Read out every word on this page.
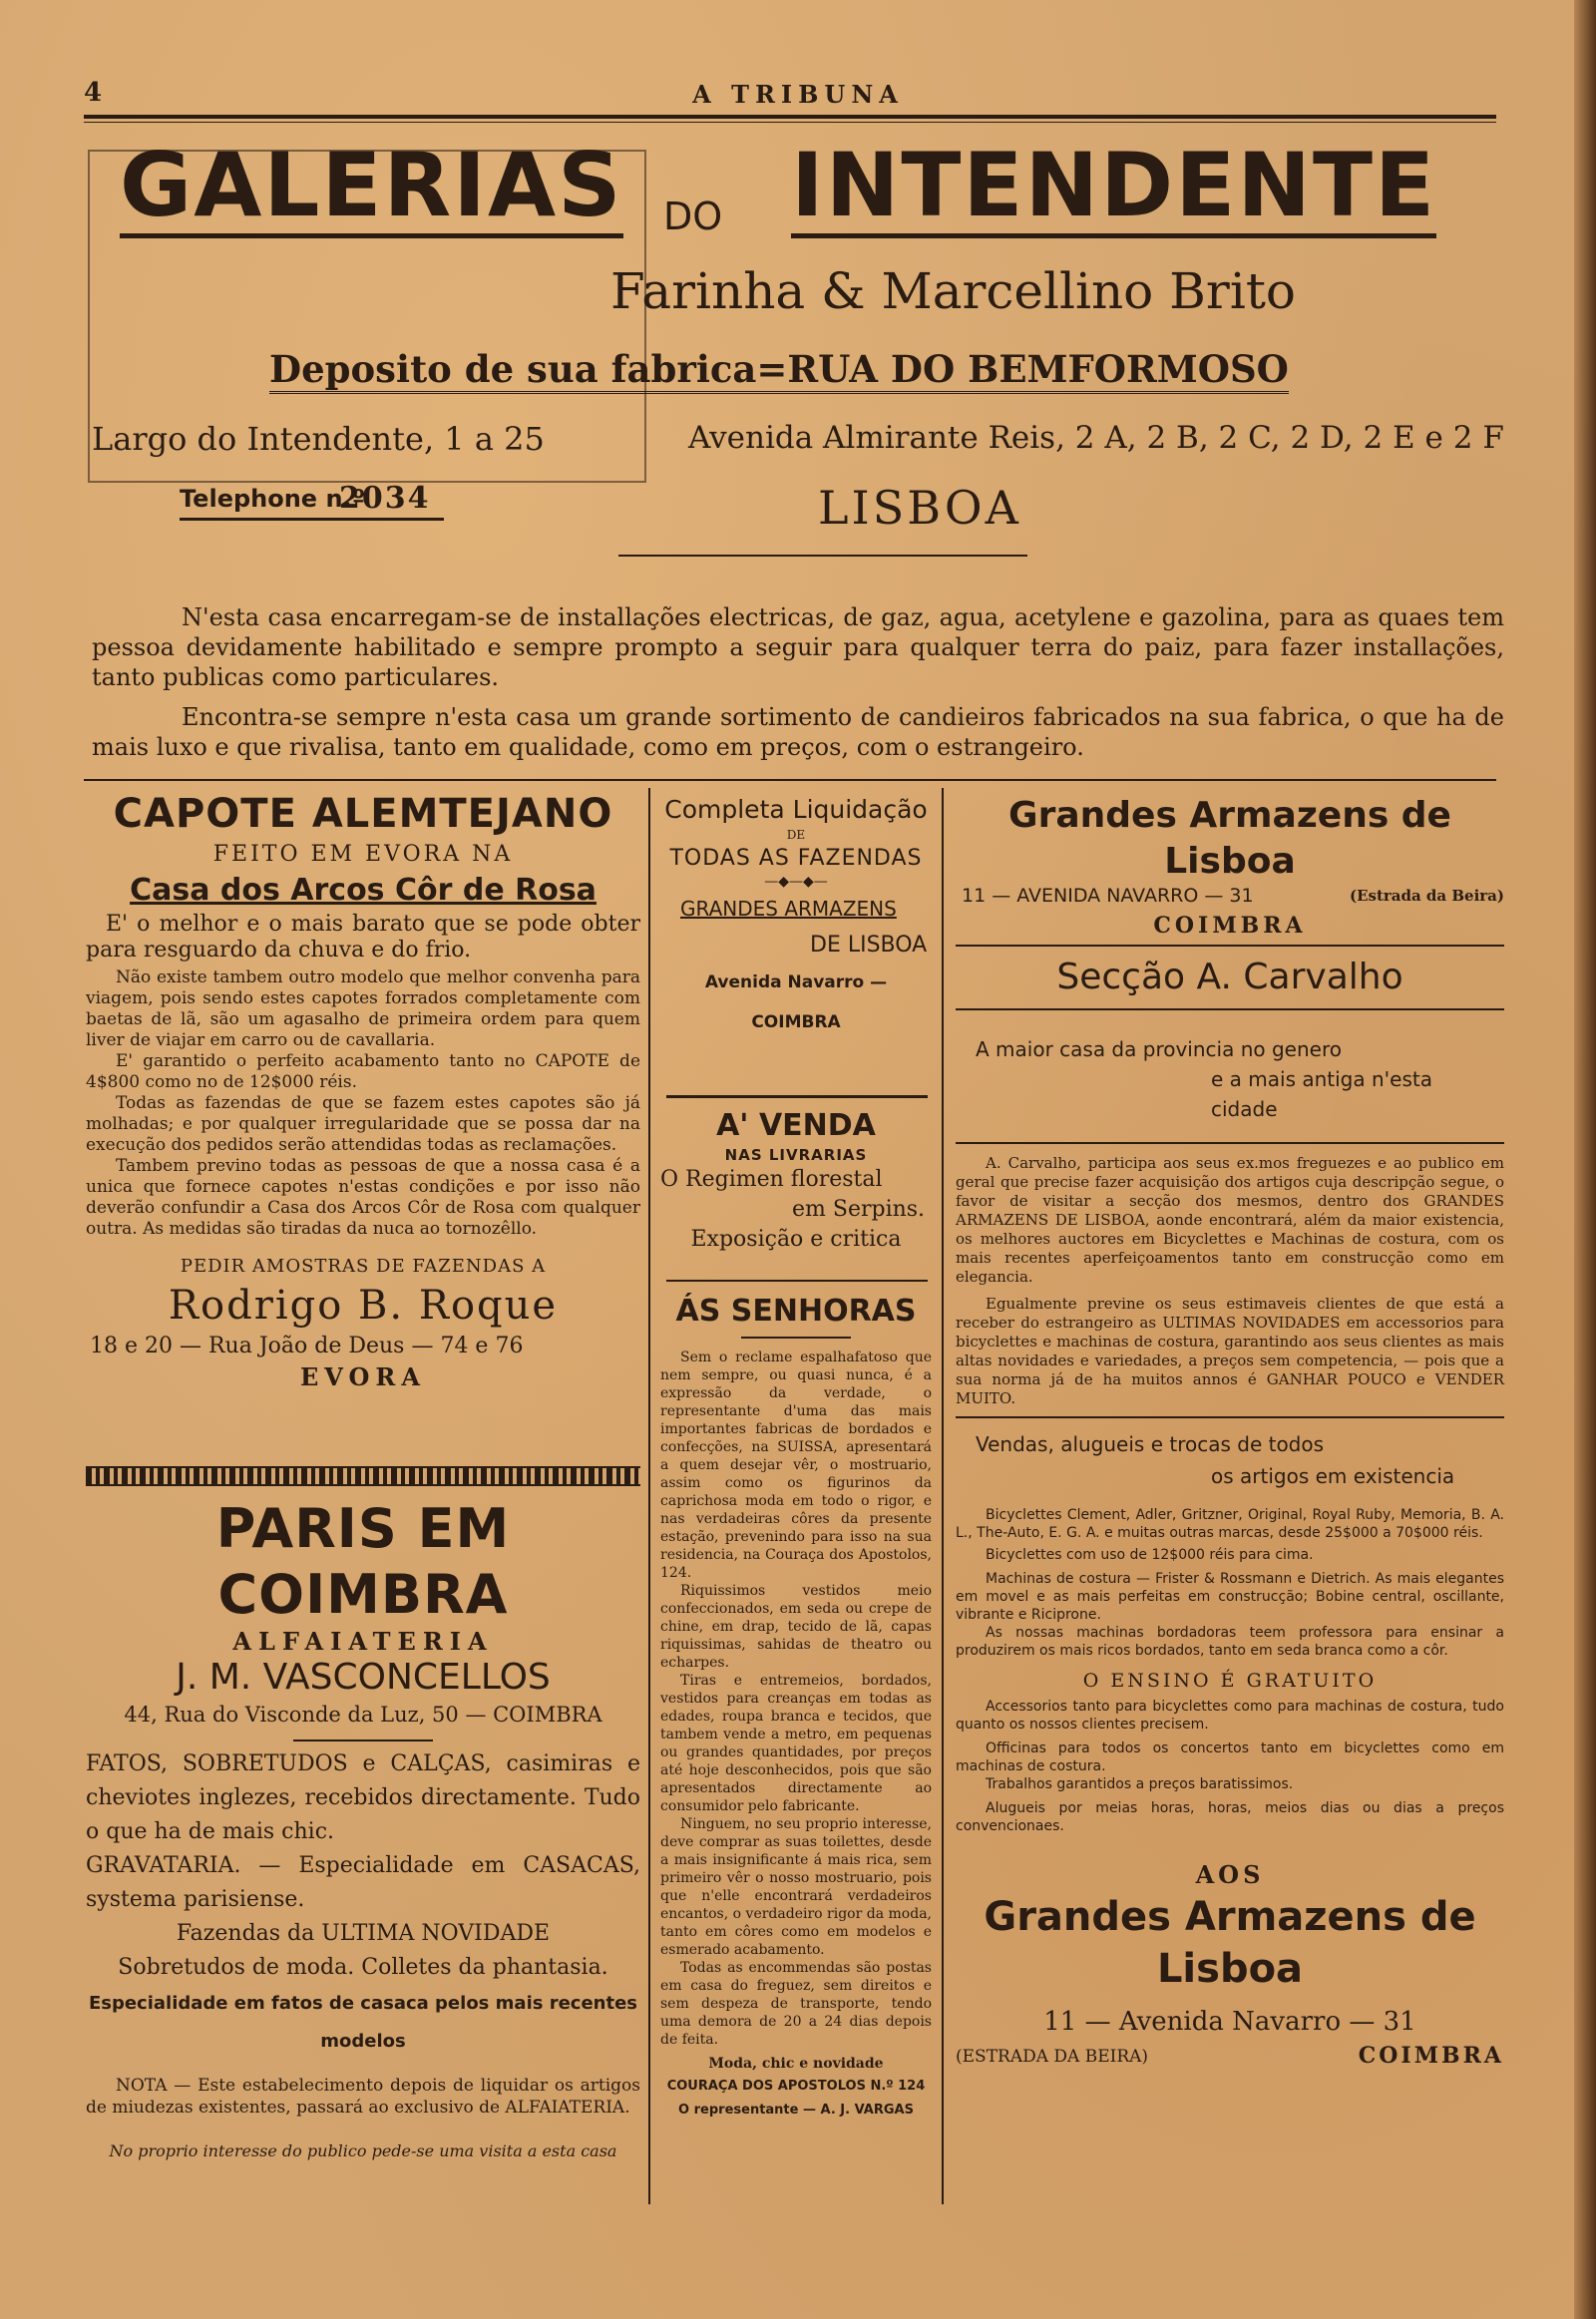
4	A TRIBUNA
GALERIAS DO INTENDENTE
Farinha & Marcellino Brito
Deposito de sua fabrica=RUA DO BEMFORMOSO
Largo do Intendente, 1 a 25	Avenida Almirante Reis, 2 A, 2 B, 2 C, 2 D, 2 E e 2 F
Telephone n.º
2034	LISBOA
N'esta casa encarregam-se de installações electricas, de gaz, agua, acetylene e gazolina, para as quaes tem pessoa devidamente habilitado e sempre prompto a seguir para qualquer terra do paiz, para fazer installações, tanto publicas como particulares.
Encontra-se sempre n'esta casa um grande sortimento de candieiros fabricados na sua fabrica, o que ha de mais luxo e que rivalisa, tanto em qualidade, como em preços, com o estrangeiro.
CAPOTE ALEMTEJANO
FEITO EM EVORA NA
Casa dos Arcos Côr de Rosa
E' o melhor e o mais barato que se pode obter para resguardo da chuva e do frio.
Não existe tambem outro modelo que melhor convenha para viagem, pois sendo estes capotes forrados completamente com baetas de lã, são um agasalho de primeira ordem para quem liver de viajar em carro ou de cavallaria.
E' garantido o perfeito acabamento tanto no CAPOTE de 4$800 como no de 12$000 réis.
Todas as fazendas de que se fazem estes capotes são já molhadas; e por qualquer irregularidade que se possa dar na execução dos pedidos serão attendidas todas as reclamações.
Tambem previno todas as pessoas de que a nossa casa é a unica que fornece capotes n'estas condições e por isso não deverão confundir a Casa dos Arcos Côr de Rosa com qualquer outra. As medidas são tiradas da nuca ao tornozêllo.
PEDIR AMOSTRAS DE FAZENDAS A
Rodrigo B. Roque
18 e 20 — Rua João de Deus — 74 e 76
EVORA
PARIS EM COIMBRA
ALFAIATERIA
J. M. VASCONCELLOS
44, Rua do Visconde da Luz, 50 — COIMBRA
FATOS, SOBRETUDOS e CALÇAS, casimiras e cheviotes inglezes, recebidos directamente. Tudo o que ha de mais chic.
GRAVATARIA. — Especialidade em CASACAS, systema parisiense.
Fazendas da ULTIMA NOVIDADE
Sobretudos de moda. Colletes da phantasia.
Especialidade em fatos de casaca pelos mais recentes modelos
NOTA — Este estabelecimento depois de liquidar os artigos de miudezas existentes, passará ao exclusivo de ALFAIATERIA.
No proprio interesse do publico pede-se uma visita a esta casa
Completa Liquidação
DE
TODAS AS FAZENDAS
—◆—◆—
GRANDES ARMAZENS
DE LISBOA
Avenida Navarro — COIMBRA
A' VENDA
NAS LIVRARIAS
O Regimen florestal
em Serpins.
Exposição e critica
ÁS SENHORAS
Sem o reclame espalhafatoso que nem sempre, ou quasi nunca, é a expressão da verdade, o representante d'uma das mais importantes fabricas de bordados e confecções, na SUISSA, apresentará a quem desejar vêr, o mostruario, assim como os figurinos da caprichosa moda em todo o rigor, e nas verdadeiras côres da presente estação, prevenindo para isso na sua residencia, na Couraça dos Apostolos, 124.
Riquissimos vestidos meio confeccionados, em seda ou crepe de chine, em drap, tecido de lã, capas riquissimas, sahidas de theatro ou echarpes.
Tiras e entremeios, bordados, vestidos para creanças em todas as edades, roupa branca e tecidos, que tambem vende a metro, em pequenas ou grandes quantidades, por preços até hoje desconhecidos, pois que são apresentados directamente ao consumidor pelo fabricante.
Ninguem, no seu proprio interesse, deve comprar as suas toilettes, desde a mais insignificante á mais rica, sem primeiro vêr o nosso mostruario, pois que n'elle encontrará verdadeiros encantos, o verdadeiro rigor da moda, tanto em côres como em modelos e esmerado acabamento.
Todas as encommendas são postas em casa do freguez, sem direitos e sem despeza de transporte, tendo uma demora de 20 a 24 dias depois de feita.
Moda, chic e novidade
COURAÇA DOS APOSTOLOS N.º 124
O representante — A. J. VARGAS
Grandes Armazens de Lisboa
11 — AVENIDA NAVARRO — 31	(Estrada da Beira)
COIMBRA
Secção A. Carvalho
A maior casa da provincia no genero
e a mais antiga n'esta cidade
A. Carvalho, participa aos seus ex.mos freguezes e ao publico em geral que precise fazer acquisição dos artigos cuja descripção segue, o favor de visitar a secção dos mesmos, dentro dos GRANDES ARMAZENS DE LISBOA, aonde encontrará, além da maior existencia, os melhores auctores em Bicyclettes e Machinas de costura, com os mais recentes aperfeiçoamentos tanto em construcção como em elegancia.
Egualmente previne os seus estimaveis clientes de que está a receber do estrangeiro as ULTIMAS NOVIDADES em accessorios para bicyclettes e machinas de costura, garantindo aos seus clientes as mais altas novidades e variedades, a preços sem competencia, — pois que a sua norma já de ha muitos annos é GANHAR POUCO e VENDER MUITO.
Vendas, alugueis e trocas de todos
os artigos em existencia
Bicyclettes Clement, Adler, Gritzner, Original, Royal Ruby, Memoria, B. A. L., The-Auto, E. G. A. e muitas outras marcas, desde 25$000 a 70$000 réis.
Bicyclettes com uso de 12$000 réis para cima.
Machinas de costura — Frister & Rossmann e Dietrich. As mais elegantes em movel e as mais perfeitas em construcção; Bobine central, oscillante, vibrante e Ricipronе.
As nossas machinas bordadoras teem professora para ensinar a produzirem os mais ricos bordados, tanto em seda branca como a côr.
O ENSINO É GRATUITO
Accessorios tanto para bicyclettes como para machinas de costura, tudo quanto os nossos clientes precisem.
Officinas para todos os concertos tanto em bicyclettes como em machinas de costura.
Trabalhos garantidos a preços baratissimos.
Alugueis por meias horas, horas, meios dias ou dias a preços convencionaes.
AOS
Grandes Armazens de Lisboa
11 — Avenida Navarro — 31
(ESTRADA DA BEIRA)	COIMBRA
